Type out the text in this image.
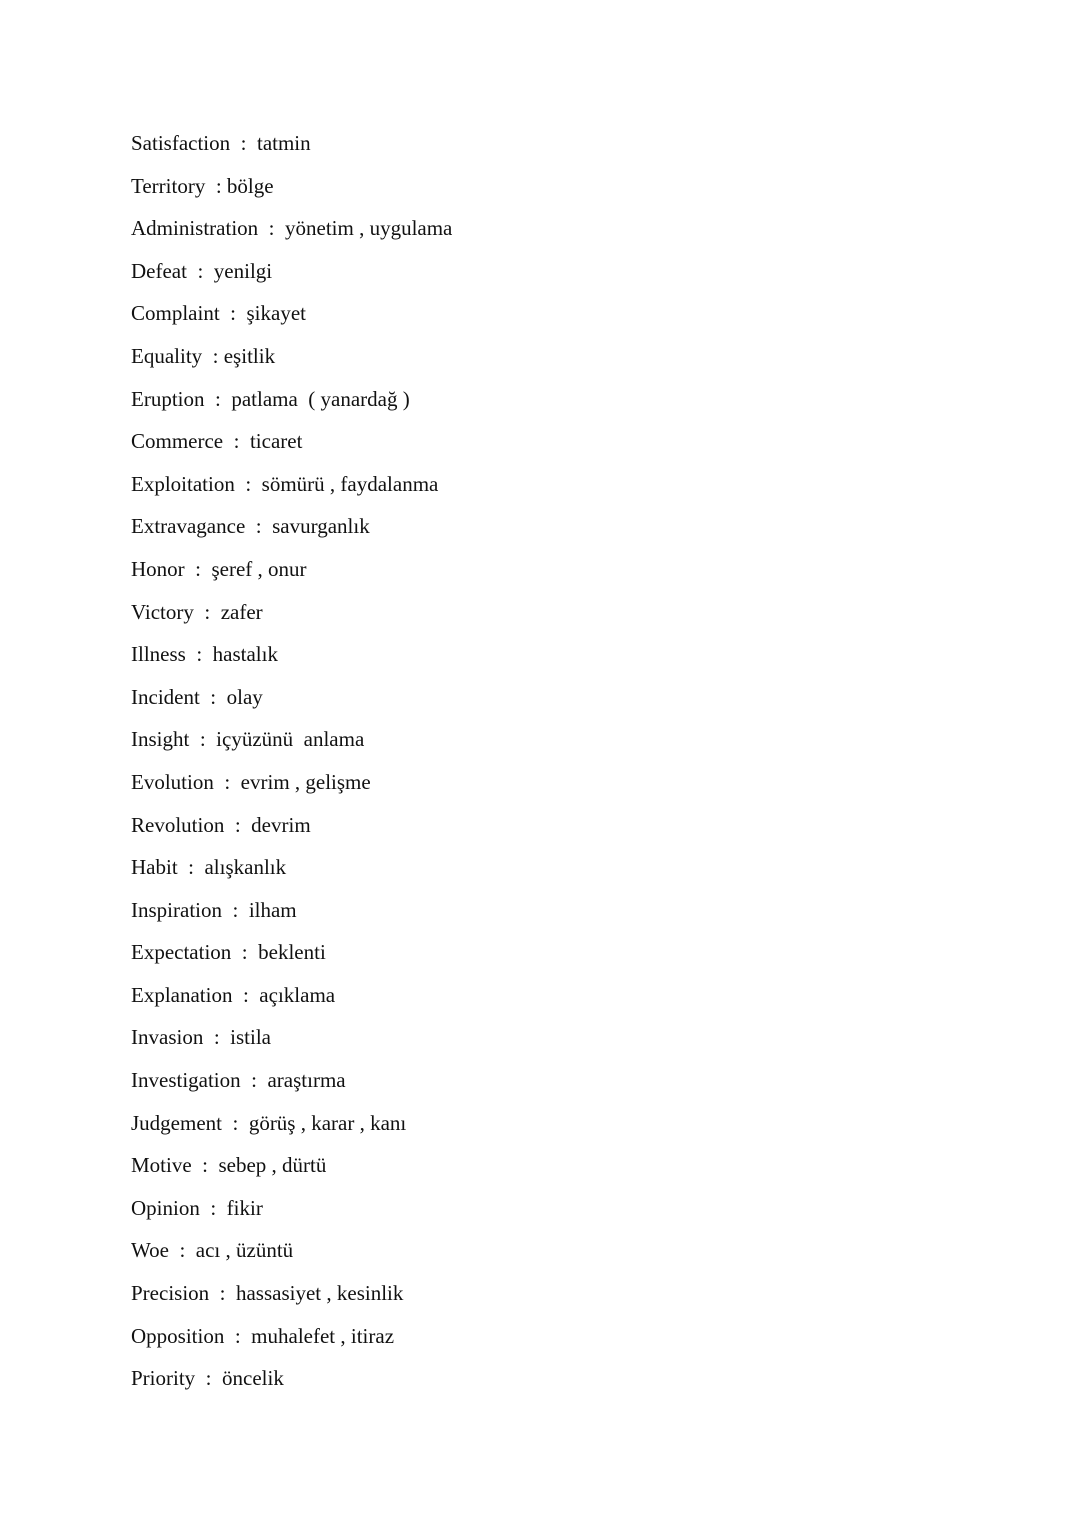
Satisfaction  :  tatmin
Territory  : bölge
Administration  :  yönetim , uygulama
Defeat  :  yenilgi
Complaint  :  şikayet
Equality  : eşitlik
Eruption  :  patlama  ( yanardağ )
Commerce  :  ticaret
Exploitation  :  sömürü , faydalanma
Extravagance  :  savurganlık
Honor  :  şeref , onur
Victory  :  zafer
Illness  :  hastalık
Incident  :  olay
Insight  :  içyüzünü  anlama
Evolution  :  evrim , gelişme
Revolution  :  devrim
Habit  :  alışkanlık
Inspiration  :  ilham
Expectation  :  beklenti
Explanation  :  açıklama
Invasion  :  istila
Investigation  :  araştırma
Judgement  :  görüş , karar , kanı
Motive  :  sebep , dürtü
Opinion  :  fikir
Woe  :  acı , üzüntü
Precision  :  hassasiyet , kesinlik
Opposition  :  muhalefet , itiraz
Priority  :  öncelik
